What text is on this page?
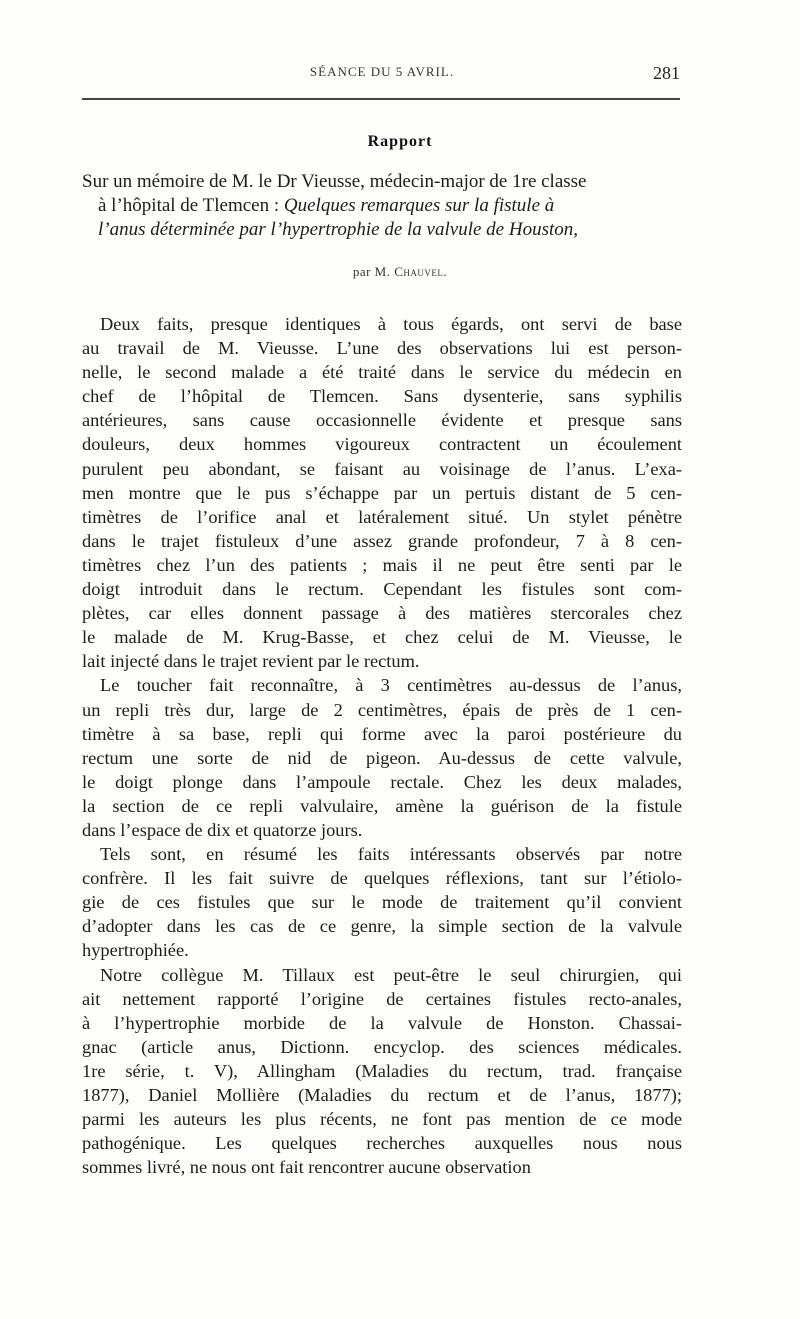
SÉANCE DU 5 AVRIL.	281
Rapport
Sur un mémoire de M. le Dr Vieusse, médecin-major de 1re classe
à l’hôpital de Tlemcen : Quelques remarques sur la fistule à
l’anus déterminée par l’hypertrophie de la valvule de Houston,
par M. Chauvel.
Deux faits, presque identiques à tous égards, ont servi de base
au travail de M. Vieusse. L’une des observations lui est person-
nelle, le second malade a été traité dans le service du médecin en
chef de l’hôpital de Tlemcen. Sans dysenterie, sans syphilis
antérieures, sans cause occasionnelle évidente et presque sans
douleurs, deux hommes vigoureux contractent un écoulement
purulent peu abondant, se faisant au voisinage de l’anus. L’exa-
men montre que le pus s’échappe par un pertuis distant de 5 cen-
timètres de l’orifice anal et latéralement situé. Un stylet pénètre
dans le trajet fistuleux d’une assez grande profondeur, 7 à 8 cen-
timètres chez l’un des patients ; mais il ne peut être senti par le
doigt introduit dans le rectum. Cependant les fistules sont com-
plètes, car elles donnent passage à des matières stercorales chez
le malade de M. Krug-Basse, et chez celui de M. Vieusse, le
lait injecté dans le trajet revient par le rectum.
Le toucher fait reconnaître, à 3 centimètres au-dessus de l’anus,
un repli très dur, large de 2 centimètres, épais de près de 1 cen-
timètre à sa base, repli qui forme avec la paroi postérieure du
rectum une sorte de nid de pigeon. Au-dessus de cette valvule,
le doigt plonge dans l’ampoule rectale. Chez les deux malades,
la section de ce repli valvulaire, amène la guérison de la fistule
dans l’espace de dix et quatorze jours.
Tels sont, en résumé les faits intéressants observés par notre
confrère. Il les fait suivre de quelques réflexions, tant sur l’étiolo-
gie de ces fistules que sur le mode de traitement qu’il convient
d’adopter dans les cas de ce genre, la simple section de la valvule
hypertrophiée.
Notre collègue M. Tillaux est peut-être le seul chirurgien, qui
ait nettement rapporté l’origine de certaines fistules recto-anales,
à l’hypertrophie morbide de la valvule de Honston. Chassai-
gnac (article anus, Dictionn. encyclop. des sciences médicales.
1re série, t. V), Allingham (Maladies du rectum, trad. française
1877), Daniel Mollière (Maladies du rectum et de l’anus, 1877);
parmi les auteurs les plus récents, ne font pas mention de ce mode
pathogénique. Les quelques recherches auxquelles nous nous
sommes livré, ne nous ont fait rencontrer aucune observation
